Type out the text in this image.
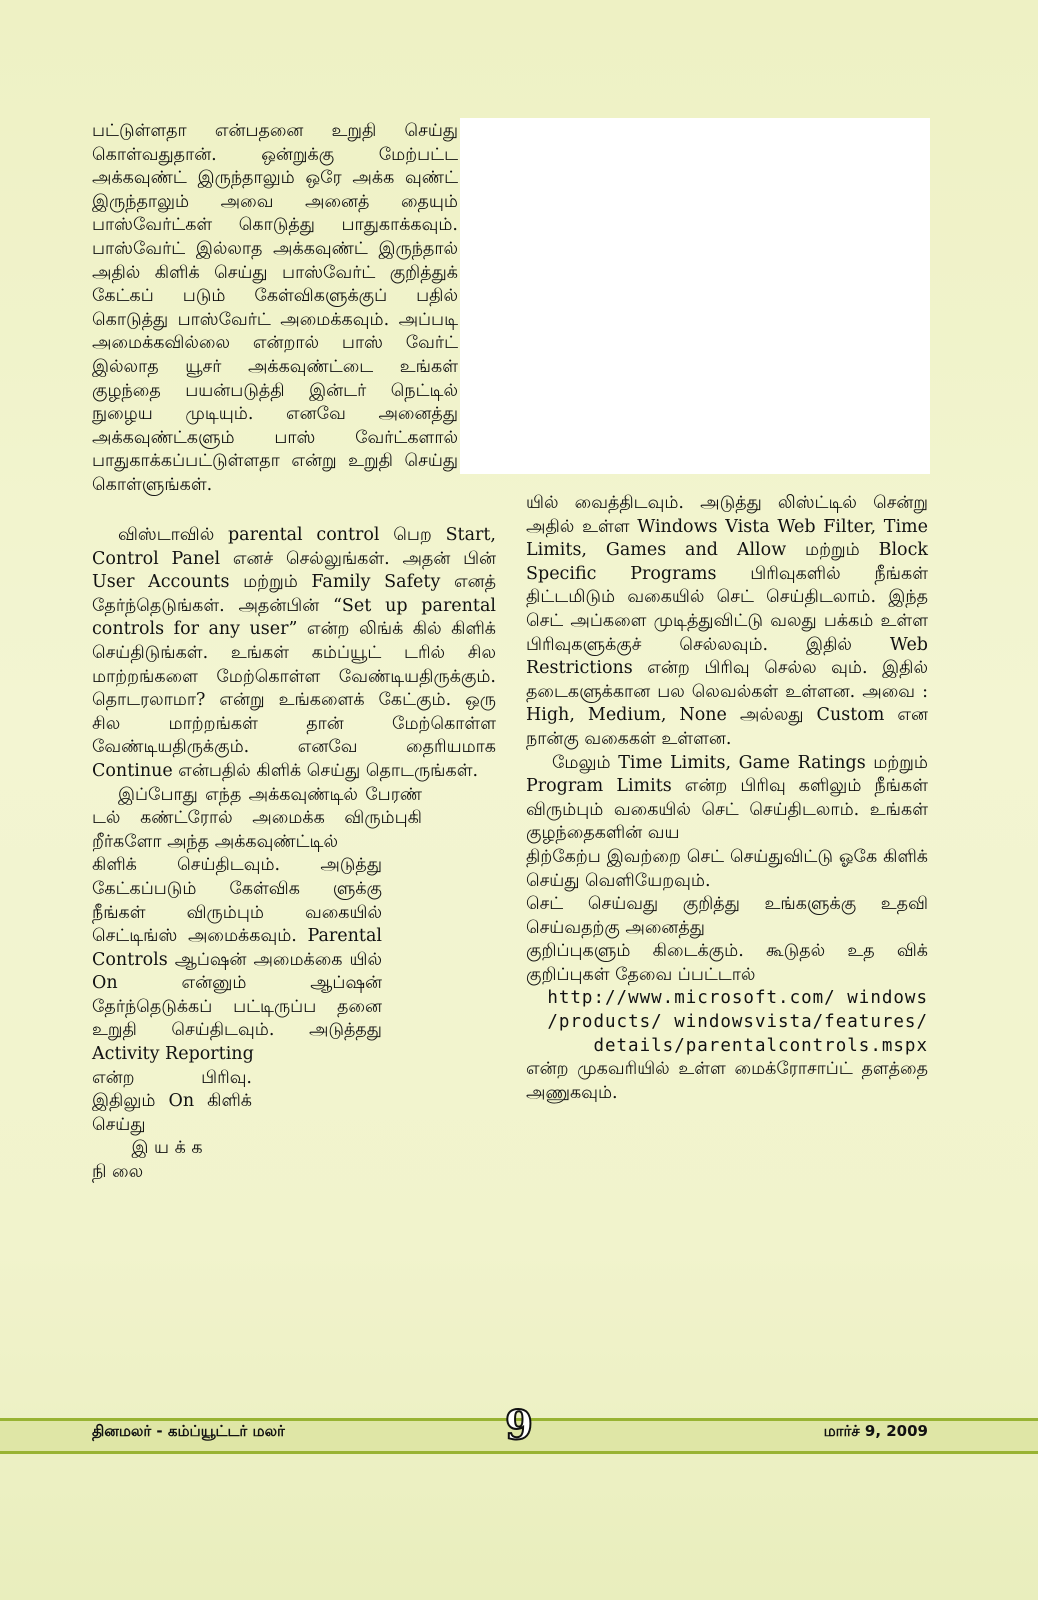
பட்டுள்ளதா என்பதனை உறுதி செய்து கொள்வதுதான். ஒன்றுக்கு மேற்பட்ட அக்கவுண்ட் இருந்தாலும் ஒரே அக்க வுண்ட் இருந்தாலும் அவை அனைத் தையும் பாஸ்வேர்ட்கள் கொடுத்து பாதுகாக்கவும். பாஸ்வேர்ட் இல்லாத அக்கவுண்ட் இருந்தால் அதில் கிளிக் செய்து பாஸ்வேர்ட் குறித்துக் கேட்கப் படும் கேள்விகளுக்குப் பதில் கொடுத்து பாஸ்வேர்ட் அமைக்கவும். அப்படி அமைக்கவில்லை என்றால் பாஸ் வேர்ட் இல்லாத யூசர் அக்கவுண்ட்டை உங்கள் குழந்தை பயன்படுத்தி இன்டர் நெட்டில் நுழைய முடியும். எனவே அனைத்து அக்கவுண்ட்களும் பாஸ் வேர்ட்களால் பாதுகாக்கப்பட்டுள்ளதா என்று உறுதி செய்து கொள்ளுங்கள்.

விஸ்டாவில் parental control பெற Start, Control Panel எனச் செல்லுங்கள். அதன் பின் User Accounts மற்றும் Family Safety எனத் தேர்ந்தெடுங்கள். அதன்பின் “Set up parental controls for any user” என்ற லிங்க் கில் கிளிக் செய்திடுங்கள். உங்கள் கம்ப்யூட் டரில் சில மாற்றங்களை மேற்கொள்ள வேண்டியதிருக்கும். தொடரலாமா? என்று உங்களைக் கேட்கும். ஒரு சில மாற்றங்கள் தான் மேற்கொள்ள வேண்டியதிருக்கும். எனவே தைரியமாக Continue என்பதில் கிளிக் செய்து தொடருங்கள்.

இப்போது எந்த அக்கவுண்டில் பேரண் டல் கண்ட்ரோல் அமைக்க விரும்புகி றீர்களோ அந்த அக்கவுண்ட்டில்

கிளிக் செய்திடவும். அடுத்து கேட்கப்படும் கேள்விக ளுக்கு நீங்கள் விரும்பும் வகையில் செட்டிங்ஸ் அமைக்கவும். Parental Controls ஆப்ஷன் அமைக்கை யில் On என்னும் ஆப்ஷன் தேர்ந்தெடுக்கப் பட்டிருப்ப தனை உறுதி செய்திடவும். அடுத்தது Activity Reporting

என்ற பிரிவு. இதிலும் On கிளிக் செய்து

இ ய க் க

நி லை

யில் வைத்திடவும். அடுத்து லிஸ்ட்டில் சென்று அதில் உள்ள Windows Vista Web Filter, Time Limits, Games and Allow மற்றும் Block Specific Programs பிரிவுகளில் நீங்கள் திட்டமிடும் வகையில் செட் செய்திடலாம். இந்த செட் அப்களை முடித்துவிட்டு வலது பக்கம் உள்ள பிரிவுகளுக்குச் செல்லவும். இதில் Web Restrictions என்ற பிரிவு செல்ல வும். இதில் தடைகளுக்கான பல லெவல்கள் உள்ளன. அவை : High, Medium, None அல்லது Custom என நான்கு வகைகள் உள்ளன.

மேலும் Time Limits, Game Ratings மற்றும் Program Limits என்ற பிரிவு களிலும் நீங்கள் விரும்பும் வகையில் செட் செய்திடலாம். உங்கள் குழந்தைகளின் வய

திற்கேற்ப இவற்றை செட் செய்துவிட்டு ஓகே கிளிக் செய்து வெளியேறவும்.

செட் செய்வது குறித்து உங்களுக்கு உதவி செய்வதற்கு அனைத்து

குறிப்புகளும் கிடைக்கும். கூடுதல் உத விக் குறிப்புகள் தேவை ப்பட்டால்

http://www.microsoft.com/ windows /products/ windowsvista/features/ details/parentalcontrols.mspx

என்ற முகவரியில் உள்ள மைக்ரோசாப்ட் தளத்தை அணுகவும்.

தினமலர் - கம்ப்யூட்டர் மலர்	9	மார்ச் 9, 2009
